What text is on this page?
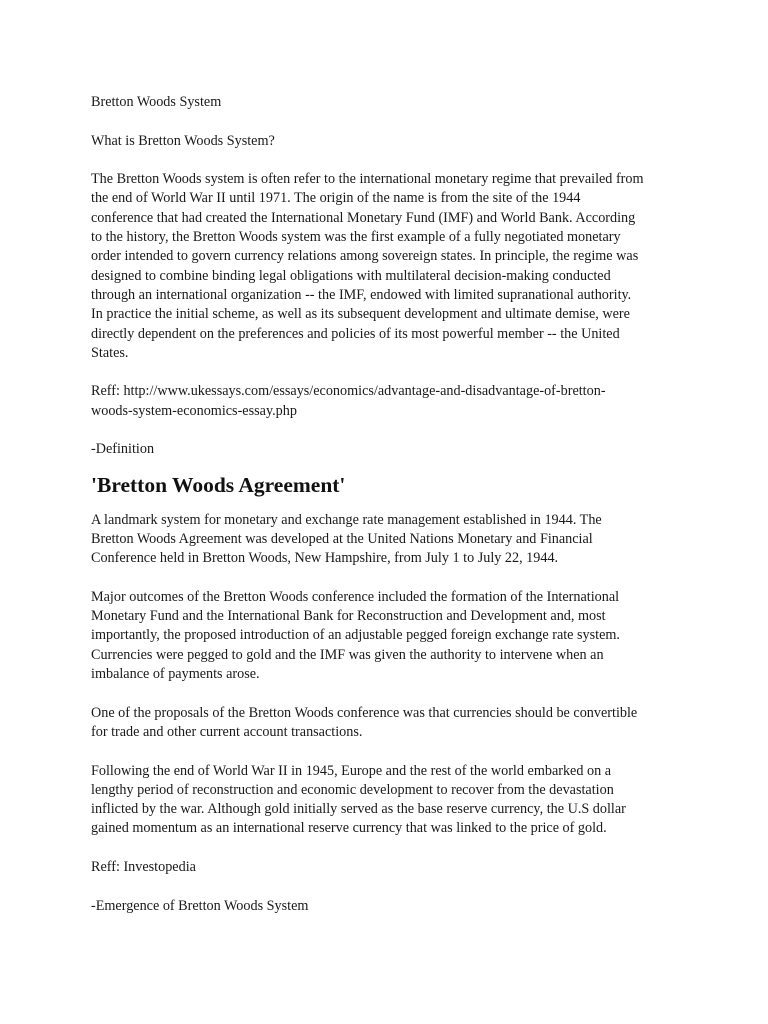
Bretton Woods System

What is Bretton Woods System?

The Bretton Woods system is often refer to the international monetary regime that prevailed from
the end of World War II until 1971. The origin of the name is from the site of the 1944
conference that had created the International Monetary Fund (IMF) and World Bank. According
to the history, the Bretton Woods system was the first example of a fully negotiated monetary
order intended to govern currency relations among sovereign states. In principle, the regime was
designed to combine binding legal obligations with multilateral decision-making conducted
through an international organization -- the IMF, endowed with limited supranational authority.
In practice the initial scheme, as well as its subsequent development and ultimate demise, were
directly dependent on the preferences and policies of its most powerful member -- the United
States.

Reff: http://www.ukessays.com/essays/economics/advantage-and-disadvantage-of-bretton-
woods-system-economics-essay.php

-Definition

'Bretton Woods Agreement'

A landmark system for monetary and exchange rate management established in 1944. The
Bretton Woods Agreement was developed at the United Nations Monetary and Financial
Conference held in Bretton Woods, New Hampshire, from July 1 to July 22, 1944.

Major outcomes of the Bretton Woods conference included the formation of the International
Monetary Fund and the International Bank for Reconstruction and Development and, most
importantly, the proposed introduction of an adjustable pegged foreign exchange rate system.
Currencies were pegged to gold and the IMF was given the authority to intervene when an
imbalance of payments arose.

One of the proposals of the Bretton Woods conference was that currencies should be convertible
for trade and other current account transactions.

Following the end of World War II in 1945, Europe and the rest of the world embarked on a
lengthy period of reconstruction and economic development to recover from the devastation
inflicted by the war. Although gold initially served as the base reserve currency, the U.S dollar
gained momentum as an international reserve currency that was linked to the price of gold.

Reff: Investopedia

-Emergence of Bretton Woods System
